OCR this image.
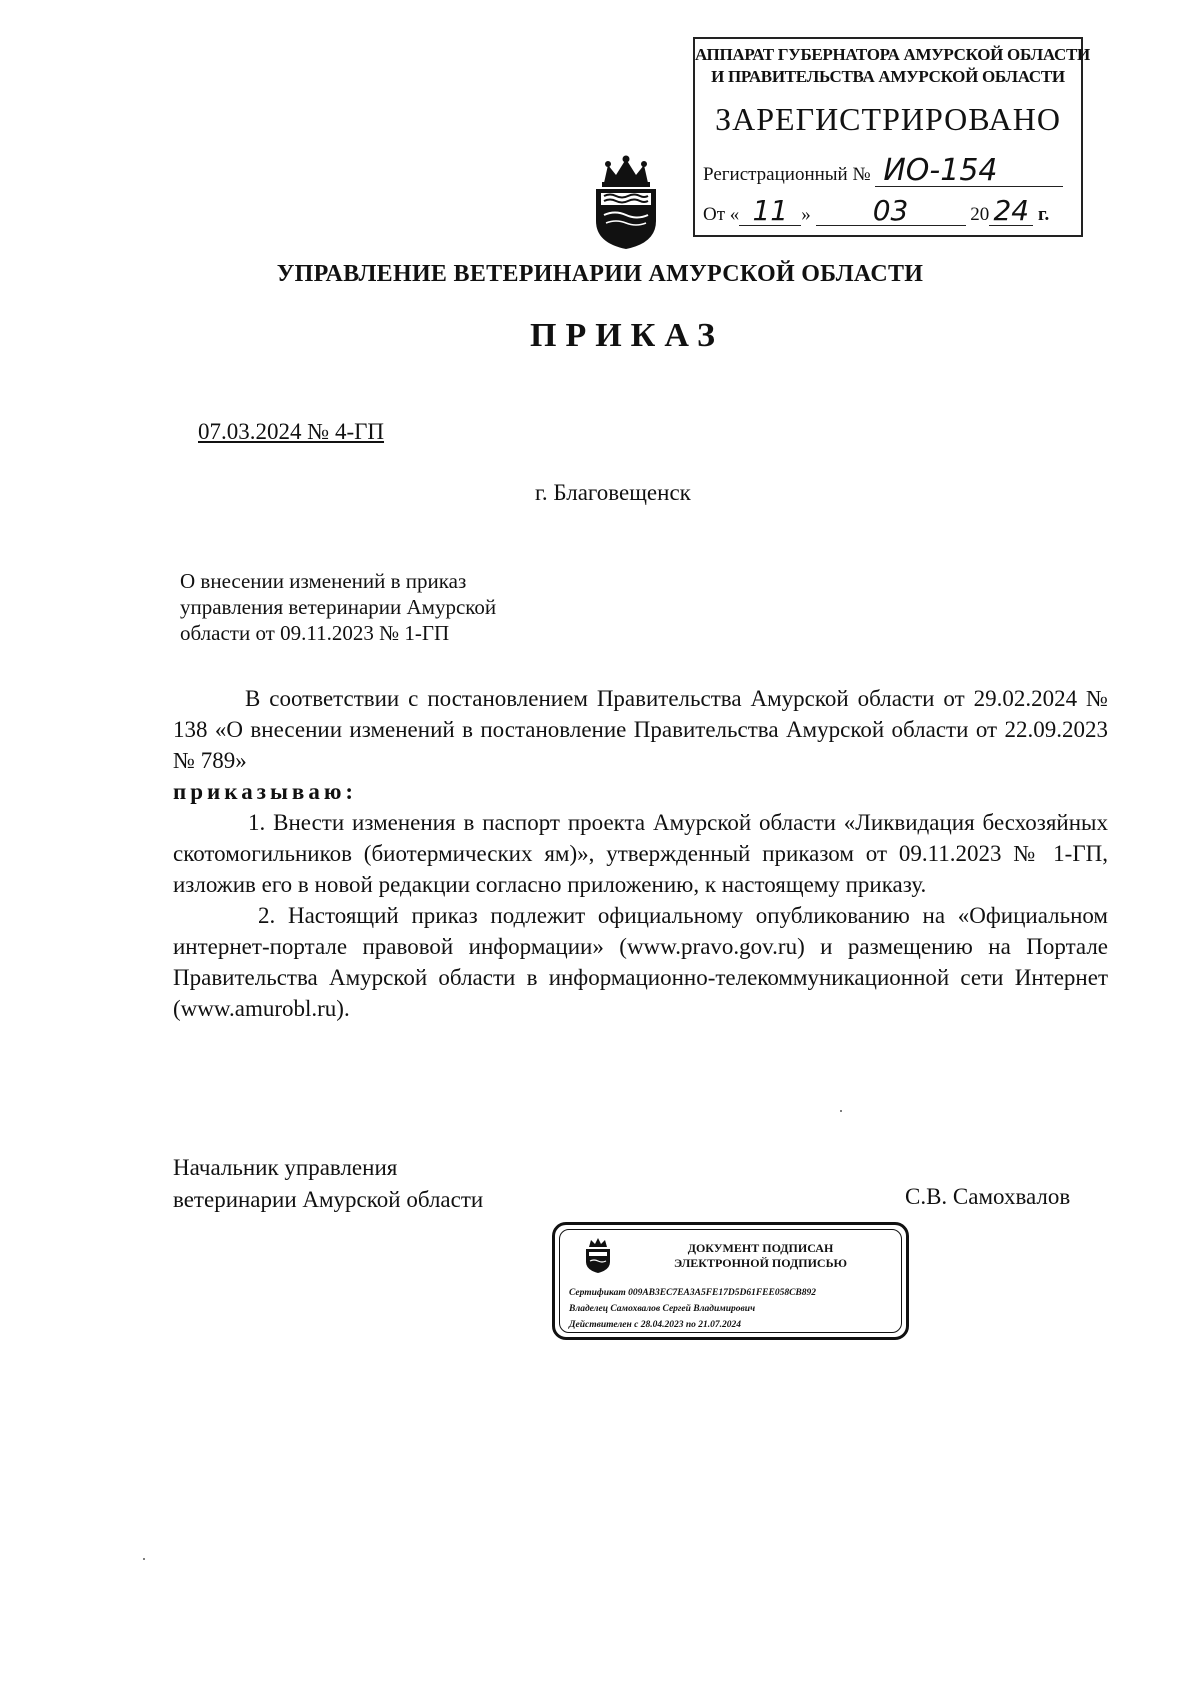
АППАРАТ ГУБЕРНАТОРА АМУРСКОЙ ОБЛАСТИ
И ПРАВИТЕЛЬСТВА АМУРСКОЙ ОБЛАСТИ
ЗАРЕГИСТРИРОВАНО
Регистрационный № ИО-154
От « 11 » 03	20 24 г.
УПРАВЛЕНИЕ ВЕТЕРИНАРИИ АМУРСКОЙ ОБЛАСТИ
ПРИКАЗ
07.03.2024 № 4-ГП
г. Благовещенск
О внесении изменений в приказ
управления ветеринарии Амурской
области от 09.11.2023 № 1-ГП

В соответствии с постановлением Правительства Амурской области от 29.02.2024 № 138 «О внесении изменений в постановление Правительства Амурской области от 22.09.2023 № 789»

приказываю:

1. Внести изменения в паспорт проекта Амурской области «Ликвидация бесхозяйных скотомогильников (биотермических ям)», утвержденный приказом от 09.11.2023 № 1-ГП, изложив его в новой редакции согласно приложению, к настоящему приказу.

2. Настоящий приказ подлежит официальному опубликованию на «Официальном интернет-портале правовой информации» (www.pravo.gov.ru) и размещению на Портале Правительства Амурской области в информационно-телекоммуникационной сети Интернет (www.amurobl.ru).

Начальник управления
ветеринарии Амурской области	С.В. Самохвалов
ДОКУМЕНТ ПОДПИСАН
ЭЛЕКТРОННОЙ ПОДПИСЬЮ
Сертификат 009AB3EC7EA3A5FE17D5D61FEE058CB892
Владелец Самохвалов Сергей Владимирович
Действителен с 28.04.2023 по 21.07.2024
